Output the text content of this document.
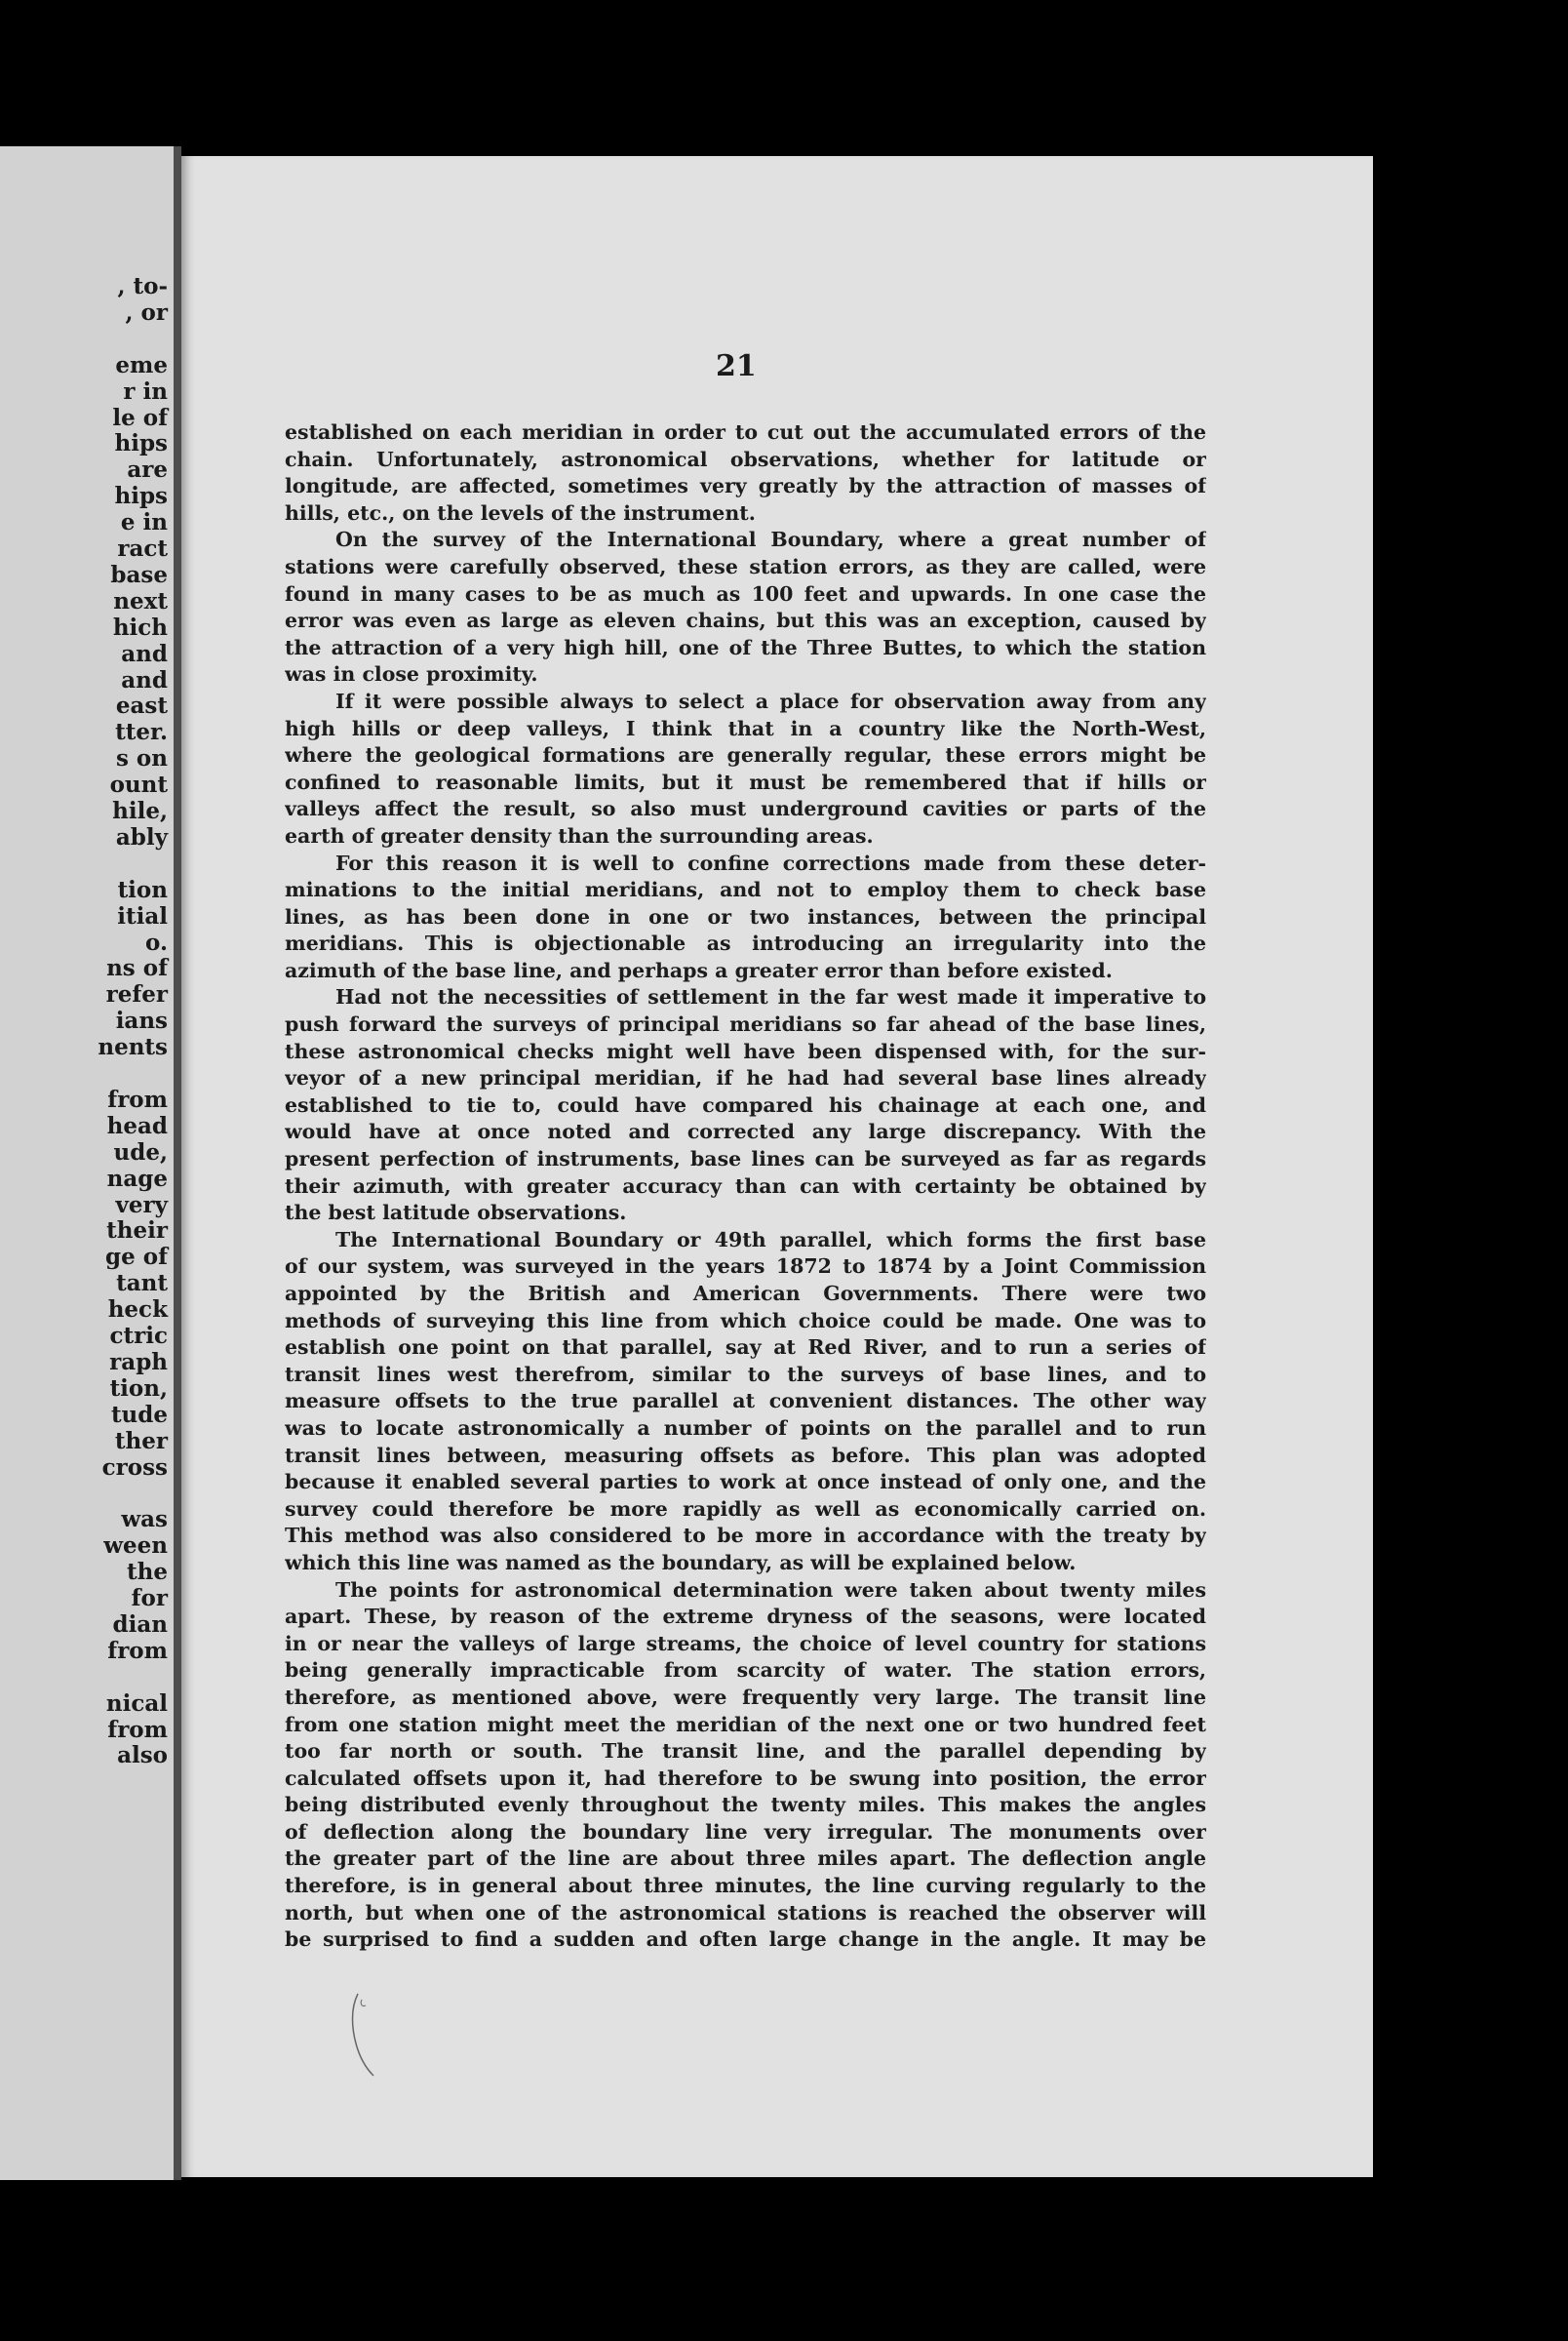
, to-
, or
eme
r in
le of
hips
are
hips
e in
ract
base
next
hich
and
and
east
tter.
s on
ount
hile,
ably
tion
itial
o.
ns of
refer
ians
nents
from
head
ude,
nage
very
their
ge of
tant
heck
ctric
raph
tion,
tude
ther
cross
was
ween
the
for
dian
from
nical
from
also
21
established on each meridian in order to cut out the accumulated errors of the
chain. Unfortunately, astronomical observations, whether for latitude or
longitude, are affected, sometimes very greatly by the attraction of masses of
hills, etc., on the levels of the instrument.
On the survey of the International Boundary, where a great number of
stations were carefully observed, these station errors, as they are called, were
found in many cases to be as much as 100 feet and upwards. In one case the
error was even as large as eleven chains, but this was an exception, caused by
the attraction of a very high hill, one of the Three Buttes, to which the station
was in close proximity.
If it were possible always to select a place for observation away from any
high hills or deep valleys, I think that in a country like the North-West,
where the geological formations are generally regular, these errors might be
confined to reasonable limits, but it must be remembered that if hills or
valleys affect the result, so also must underground cavities or parts of the
earth of greater density than the surrounding areas.
For this reason it is well to confine corrections made from these deter-
minations to the initial meridians, and not to employ them to check base
lines, as has been done in one or two instances, between the principal
meridians. This is objectionable as introducing an irregularity into the
azimuth of the base line, and perhaps a greater error than before existed.
Had not the necessities of settlement in the far west made it imperative to
push forward the surveys of principal meridians so far ahead of the base lines,
these astronomical checks might well have been dispensed with, for the sur-
veyor of a new principal meridian, if he had had several base lines already
established to tie to, could have compared his chainage at each one, and
would have at once noted and corrected any large discrepancy. With the
present perfection of instruments, base lines can be surveyed as far as regards
their azimuth, with greater accuracy than can with certainty be obtained by
the best latitude observations.
The International Boundary or 49th parallel, which forms the first base
of our system, was surveyed in the years 1872 to 1874 by a Joint Commission
appointed by the British and American Governments. There were two
methods of surveying this line from which choice could be made. One was to
establish one point on that parallel, say at Red River, and to run a series of
transit lines west therefrom, similar to the surveys of base lines, and to
measure offsets to the true parallel at convenient distances. The other way
was to locate astronomically a number of points on the parallel and to run
transit lines between, measuring offsets as before. This plan was adopted
because it enabled several parties to work at once instead of only one, and the
survey could therefore be more rapidly as well as economically carried on.
This method was also considered to be more in accordance with the treaty by
which this line was named as the boundary, as will be explained below.
The points for astronomical determination were taken about twenty miles
apart. These, by reason of the extreme dryness of the seasons, were located
in or near the valleys of large streams, the choice of level country for stations
being generally impracticable from scarcity of water. The station errors,
therefore, as mentioned above, were frequently very large. The transit line
from one station might meet the meridian of the next one or two hundred feet
too far north or south. The transit line, and the parallel depending by
calculated offsets upon it, had therefore to be swung into position, the error
being distributed evenly throughout the twenty miles. This makes the angles
of deflection along the boundary line very irregular. The monuments over
the greater part of the line are about three miles apart. The deflection angle
therefore, is in general about three minutes, the line curving regularly to the
north, but when one of the astronomical stations is reached the observer will
be surprised to find a sudden and often large change in the angle. It may be
